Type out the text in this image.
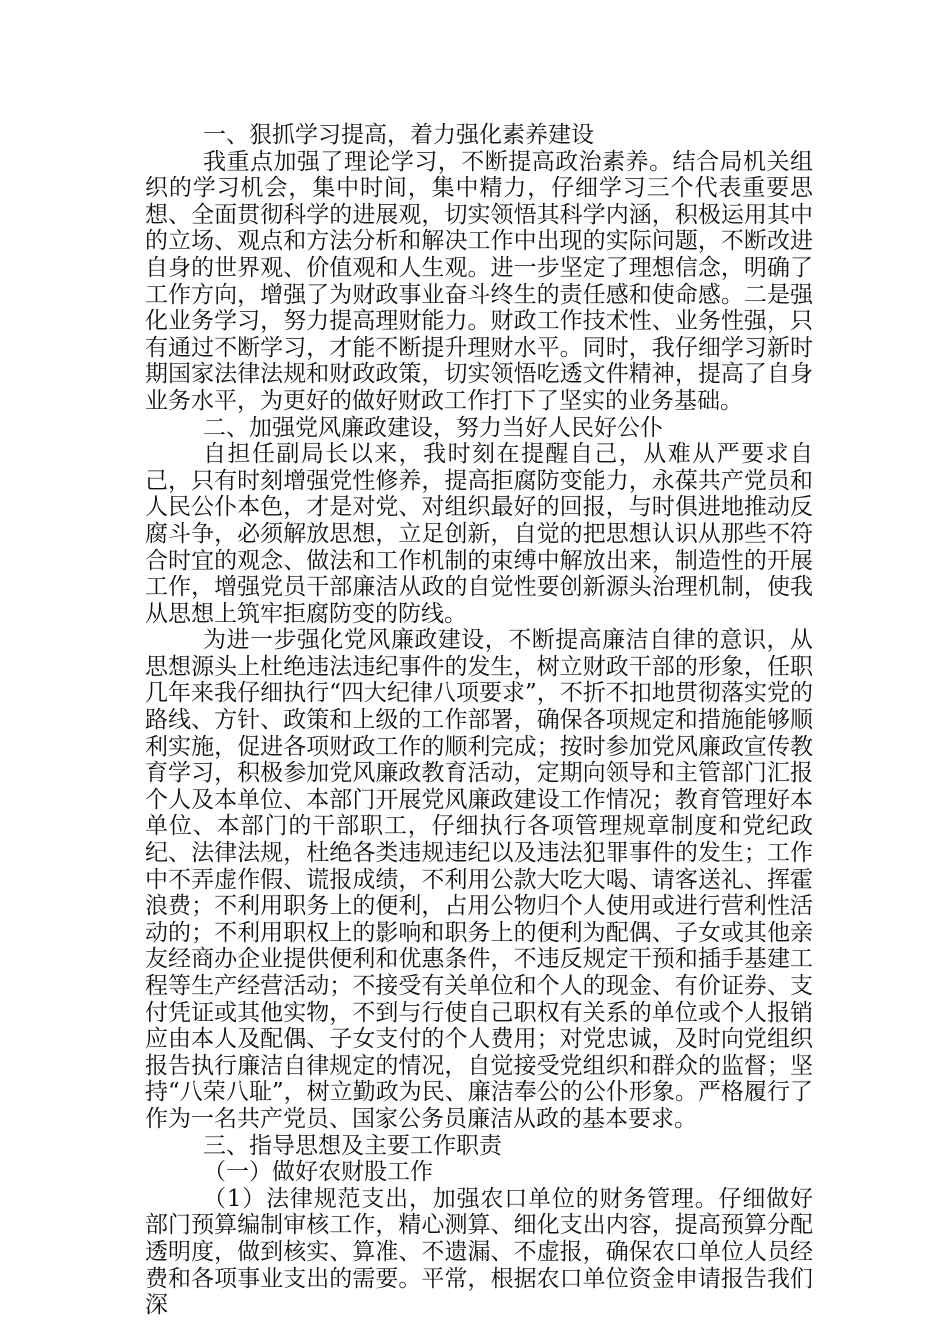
一、狠抓学习提高，着力强化素养建设

我重点加强了理论学习，不断提高政治素养。结合局机关组织的学习机会，集中时间，集中精力，仔细学习三个代表重要思想、全面贯彻科学的进展观，切实领悟其科学内涵，积极运用其中的立场、观点和方法分析和解决工作中出现的实际问题，不断改进自身的世界观、价值观和人生观。进一步坚定了理想信念，明确了工作方向，增强了为财政事业奋斗终生的责任感和使命感。二是强化业务学习，努力提高理财能力。财政工作技术性、业务性强，只有通过不断学习，才能不断提升理财水平。同时，我仔细学习新时期国家法律法规和财政政策，切实领悟吃透文件精神，提高了自身业务水平，为更好的做好财政工作打下了坚实的业务基础。

二、加强党风廉政建设，努力当好人民好公仆

自担任副局长以来，我时刻在提醒自己，从难从严要求自己，只有时刻增强党性修养，提高拒腐防变能力，永葆共产党员和人民公仆本色，才是对党、对组织最好的回报，与时俱进地推动反腐斗争，必须解放思想，立足创新，自觉的把思想认识从那些不符合时宜的观念、做法和工作机制的束缚中解放出来，制造性的开展工作，增强党员干部廉洁从政的自觉性要创新源头治理机制，使我从思想上筑牢拒腐防变的防线。

为进一步强化党风廉政建设，不断提高廉洁自律的意识，从思想源头上杜绝违法违纪事件的发生，树立财政干部的形象，任职几年来我仔细执行“四大纪律八项要求”，不折不扣地贯彻落实党的路线、方针、政策和上级的工作部署，确保各项规定和措施能够顺利实施，促进各项财政工作的顺利完成；按时参加党风廉政宣传教育学习，积极参加党风廉政教育活动，定期向领导和主管部门汇报个人及本单位、本部门开展党风廉政建设工作情况；教育管理好本单位、本部门的干部职工，仔细执行各项管理规章制度和党纪政纪、法律法规，杜绝各类违规违纪以及违法犯罪事件的发生；工作中不弄虚作假、谎报成绩，不利用公款大吃大喝、请客送礼、挥霍浪费；不利用职务上的便利，占用公物归个人使用或进行营利性活动的；不利用职权上的影响和职务上的便利为配偶、子女或其他亲友经商办企业提供便利和优惠条件，不违反规定干预和插手基建工程等生产经营活动；不接受有关单位和个人的现金、有价证券、支付凭证或其他实物，不到与行使自己职权有关系的单位或个人报销应由本人及配偶、子女支付的个人费用；对党忠诚，及时向党组织报告执行廉洁自律规定的情况，自觉接受党组织和群众的监督；坚持“八荣八耻”，树立勤政为民、廉洁奉公的公仆形象。严格履行了作为一名共产党员、国家公务员廉洁从政的基本要求。

三、指导思想及主要工作职责

（一）做好农财股工作

（1）法律规范支出，加强农口单位的财务管理。仔细做好部门预算编制审核工作，精心测算、细化支出内容，提高预算分配透明度，做到核实、算准、不遗漏、不虚报，确保农口单位人员经费和各项事业支出的需要。平常，根据农口单位资金申请报告我们深
